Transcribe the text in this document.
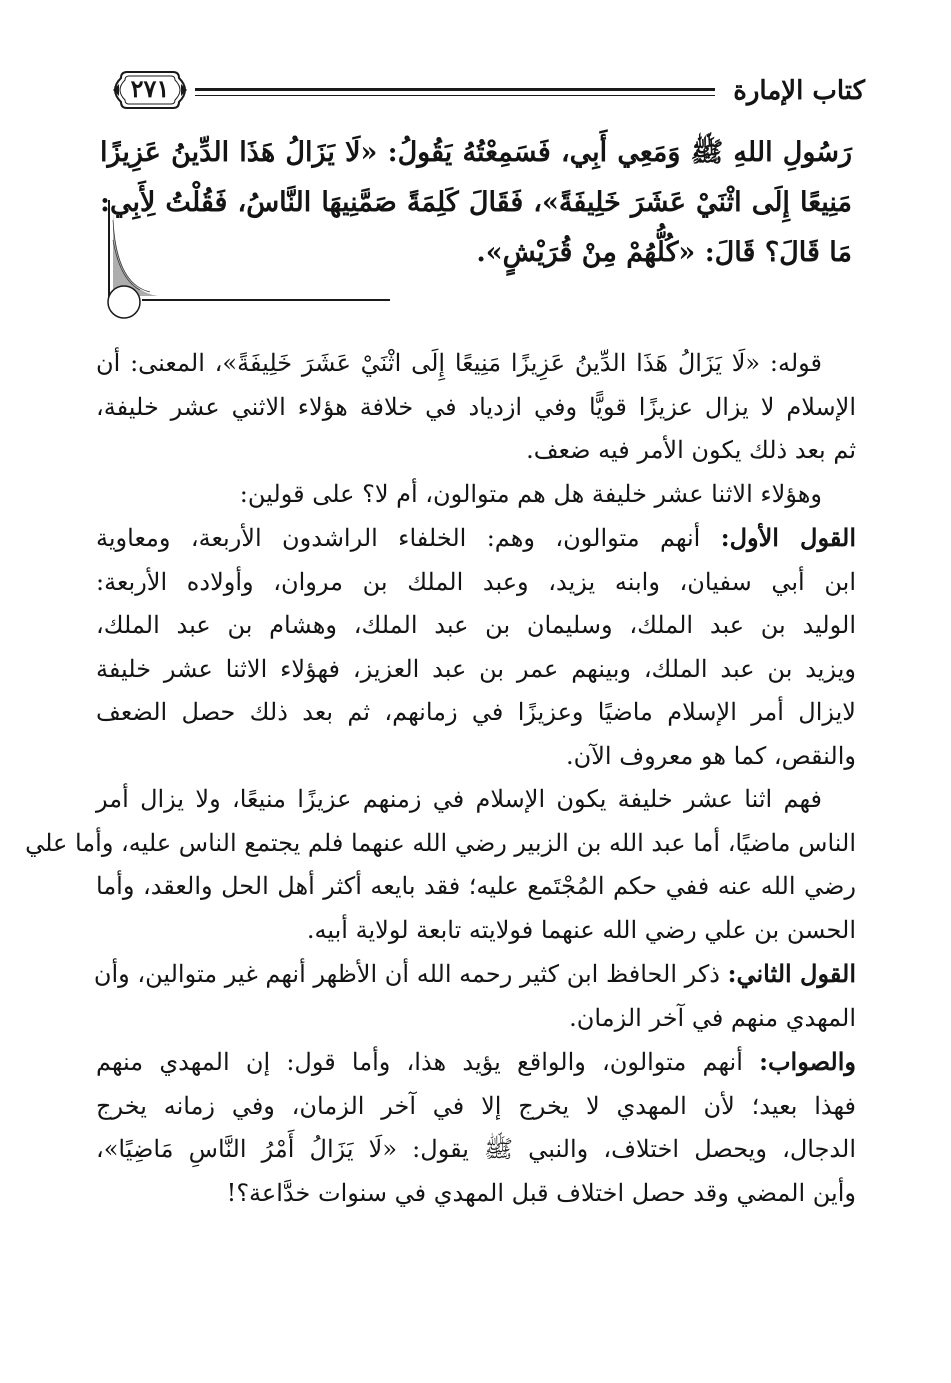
كتاب الإمارة
٢٧١
رَسُولِ اللهِ ﷺ وَمَعِي أَبِي، فَسَمِعْتُهُ يَقُولُ: «لَا يَزَالُ هَذَا الدِّينُ عَزِيزًا
مَنِيعًا إِلَى اثْنَيْ عَشَرَ خَلِيفَةً»، فَقَالَ كَلِمَةً صَمَّنِيهَا النَّاسُ، فَقُلْتُ لِأَبِي:
مَا قَالَ؟ قَالَ: «كُلُّهُمْ مِنْ قُرَيْشٍ».
قوله: «لَا يَزَالُ هَذَا الدِّينُ عَزِيزًا مَنِيعًا إِلَى اثْنَيْ عَشَرَ خَلِيفَةً»، المعنى: أن
الإسلام لا يزال عزيزًا قويًّا وفي ازدياد في خلافة هؤلاء الاثني عشر خليفة،
ثم بعد ذلك يكون الأمر فيه ضعف.
وهؤلاء الاثنا عشر خليفة هل هم متوالون، أم لا؟ على قولين:
القول الأول: أنهم متوالون، وهم: الخلفاء الراشدون الأربعة، ومعاوية
ابن أبي سفيان، وابنه يزيد، وعبد الملك بن مروان، وأولاده الأربعة:
الوليد بن عبد الملك، وسليمان بن عبد الملك، وهشام بن عبد الملك،
ويزيد بن عبد الملك، وبينهم عمر بن عبد العزيز، فهؤلاء الاثنا عشر خليفة
لايزال أمر الإسلام ماضيًا وعزيزًا في زمانهم، ثم بعد ذلك حصل الضعف
والنقص، كما هو معروف الآن.
فهم اثنا عشر خليفة يكون الإسلام في زمنهم عزيزًا منيعًا، ولا يزال أمر
الناس ماضيًا، أما عبد الله بن الزبير رضي الله عنهما فلم يجتمع الناس عليه، وأما علي
رضي الله عنه ففي حكم المُجْتَمع عليه؛ فقد بايعه أكثر أهل الحل والعقد، وأما
الحسن بن علي رضي الله عنهما فولايته تابعة لولاية أبيه.
القول الثاني: ذكر الحافظ ابن كثير رحمه الله أن الأظهر أنهم غير متوالين، وأن
المهدي منهم في آخر الزمان.
والصواب: أنهم متوالون، والواقع يؤيد هذا، وأما قول: إن المهدي منهم
فهذا بعيد؛ لأن المهدي لا يخرج إلا في آخر الزمان، وفي زمانه يخرج
الدجال، ويحصل اختلاف، والنبي ﷺ يقول: «لَا يَزَالُ أَمْرُ النَّاسِ مَاضِيًا»،
وأين المضي وقد حصل اختلاف قبل المهدي في سنوات خدَّاعة؟!
